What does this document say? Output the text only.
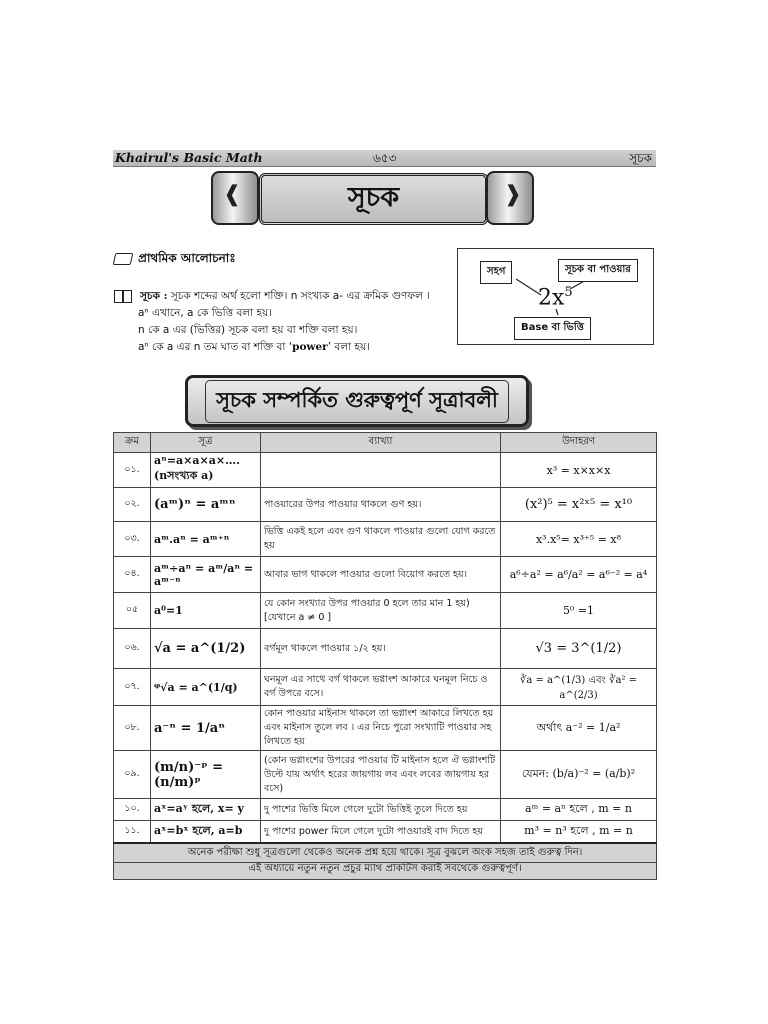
Khairul's Basic Math	৬৫৩	সূচক
❰	সূচক	❱
প্রাথমিক আলোচনাঃ
সূচক : সূচক শব্দের অর্থ হলো শক্তি। n সংখ্যক a- এর ক্রমিক গুণফল ।
aⁿ এখানে, a কে ভিত্তি বলা হয়।
n কে a এর (ভিত্তির) সূচক বলা হয় বা শক্তি বলা হয়।
aⁿ কে a এর n তম ঘাত বা শক্তি বা ‘power’ বলা হয়।
সহগ	সূচক বা পাওয়ার
$2x^5$
Base বা ভিত্তি
সূচক সম্পর্কিত গুরুত্বপূর্ণ সূত্রাবলী
ক্রম	সূত্র	ব্যাখ্যা	উদাহরণ
০১.	aⁿ=a×a×a×….(nসংখ্যক a)		x³ = x×x×x
০২.	(aᵐ)ⁿ = aᵐⁿ	পাওয়ারের উপর পাওয়ার থাকলে গুণ হয়।	(x²)⁵ = x²ˣ⁵ = x¹⁰
০৩.	aᵐ.aⁿ = aᵐ⁺ⁿ	ভিত্তি একই হলে এবং গুণ থাকলে পাওয়ার গুলো যোগ করতে হয়	x³.x⁵= x³⁺⁵ = x⁸
০৪.	aᵐ÷aⁿ = aᵐ/aⁿ = aᵐ⁻ⁿ	আবার ভাগ থাকলে পাওয়ার গুলো বিয়োগ করতে হয়।	a⁶÷a² = a⁶/a² = a⁶⁻² = a⁴
০৫	a⁰=1	যে কোন সংখ্যার উপর পাওয়ার 0 হলে তার মান 1 হয়) [যেখানে a ≠ 0 ]	5⁰ =1
০৬.	√a = a^(1/2)	বর্গমূল থাকলে পাওয়ার ১/২ হয়।	√3 = 3^(1/2)
০৭.	ᵠ√a = a^(1/q)	ঘনমূল এর সাথে বর্গ থাকলে ভগ্নাংশ আকারে ঘনমূল নিচে ও বর্গ উপরে বসে।	∛a = a^(1/3) এবং ∛a² = a^(2/3)
০৮.	a⁻ⁿ = 1/aⁿ	কোন পাওয়ার মাইনাস থাকলে তা ভগ্নাংশ আকারে লিখতে হয় এবং মাইনাস তুলে লব । এর নিচে পুরো সংখ্যাটি পাওয়ার সহ লিখতে হয়	অর্থাৎ a⁻² = 1/a²
০৯.	(m/n)⁻ᵖ = (n/m)ᵖ	(কোন ভগ্নাংশের উপরের পাওয়ার টি মাইনাস হলে ঐ ভগ্নাংশটি উল্টে যায় অর্থাৎ হরের জায়গায় লব এবং লবের জায়গায় হর বসে)	যেমন: (b/a)⁻² = (a/b)²
১০.	aˣ=aʸ হলে, x= y	দু পাশের ভিত্তি মিলে গেলে দুটো ভিত্তিই তুলে দিতে হয়	aᵐ = aⁿ হলে , m = n
১১.	aˣ=bˣ হলে, a=b	দু পাশের power মিলে গেলে দুটো পাওয়ারই বাদ দিতে হয়	m³ = n³ হলে , m = n

অনেক পরীক্ষা শুধু সূত্রগুলো থেকেও অনেক প্রশ্ন হয়ে থাকে। সূত্র বুঝলে অংক সহজ তাই গুরুত্ব দিন।
এই অধ্যায়ে নতুন নতুন প্রচুর ম্যাথ প্রাকটিস করাই সবথেকে গুরুত্বপূর্ণ।			
